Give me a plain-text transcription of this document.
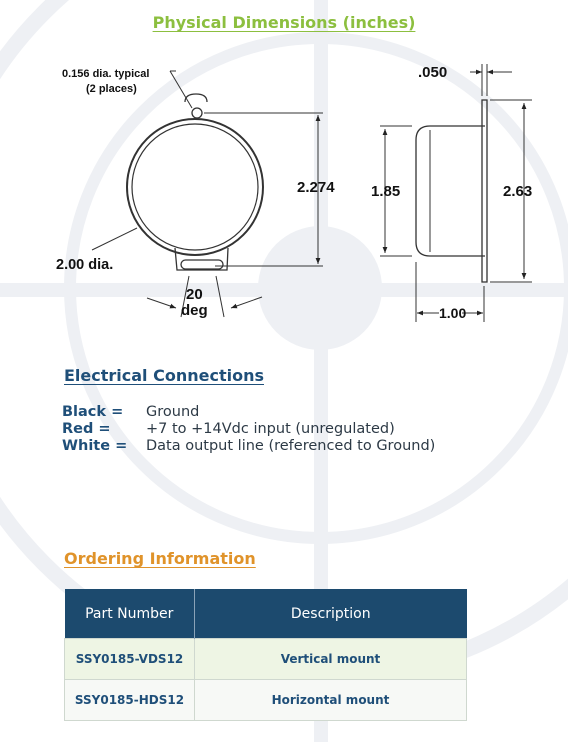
Physical Dimensions (inches)
0.156 dia. typical
(2 places)
2.274
2.00 dia.
20
deg
.050
1.85	2.63
1.00
Electrical Connections
Black =	Ground
Red =	+7 to +14Vdc input (unregulated)
White =	Data output line (referenced to Ground)
Ordering Information
Part Number	Description
SSY0185-VDS12	Vertical mount
SSY0185-HDS12	Horizontal mount
